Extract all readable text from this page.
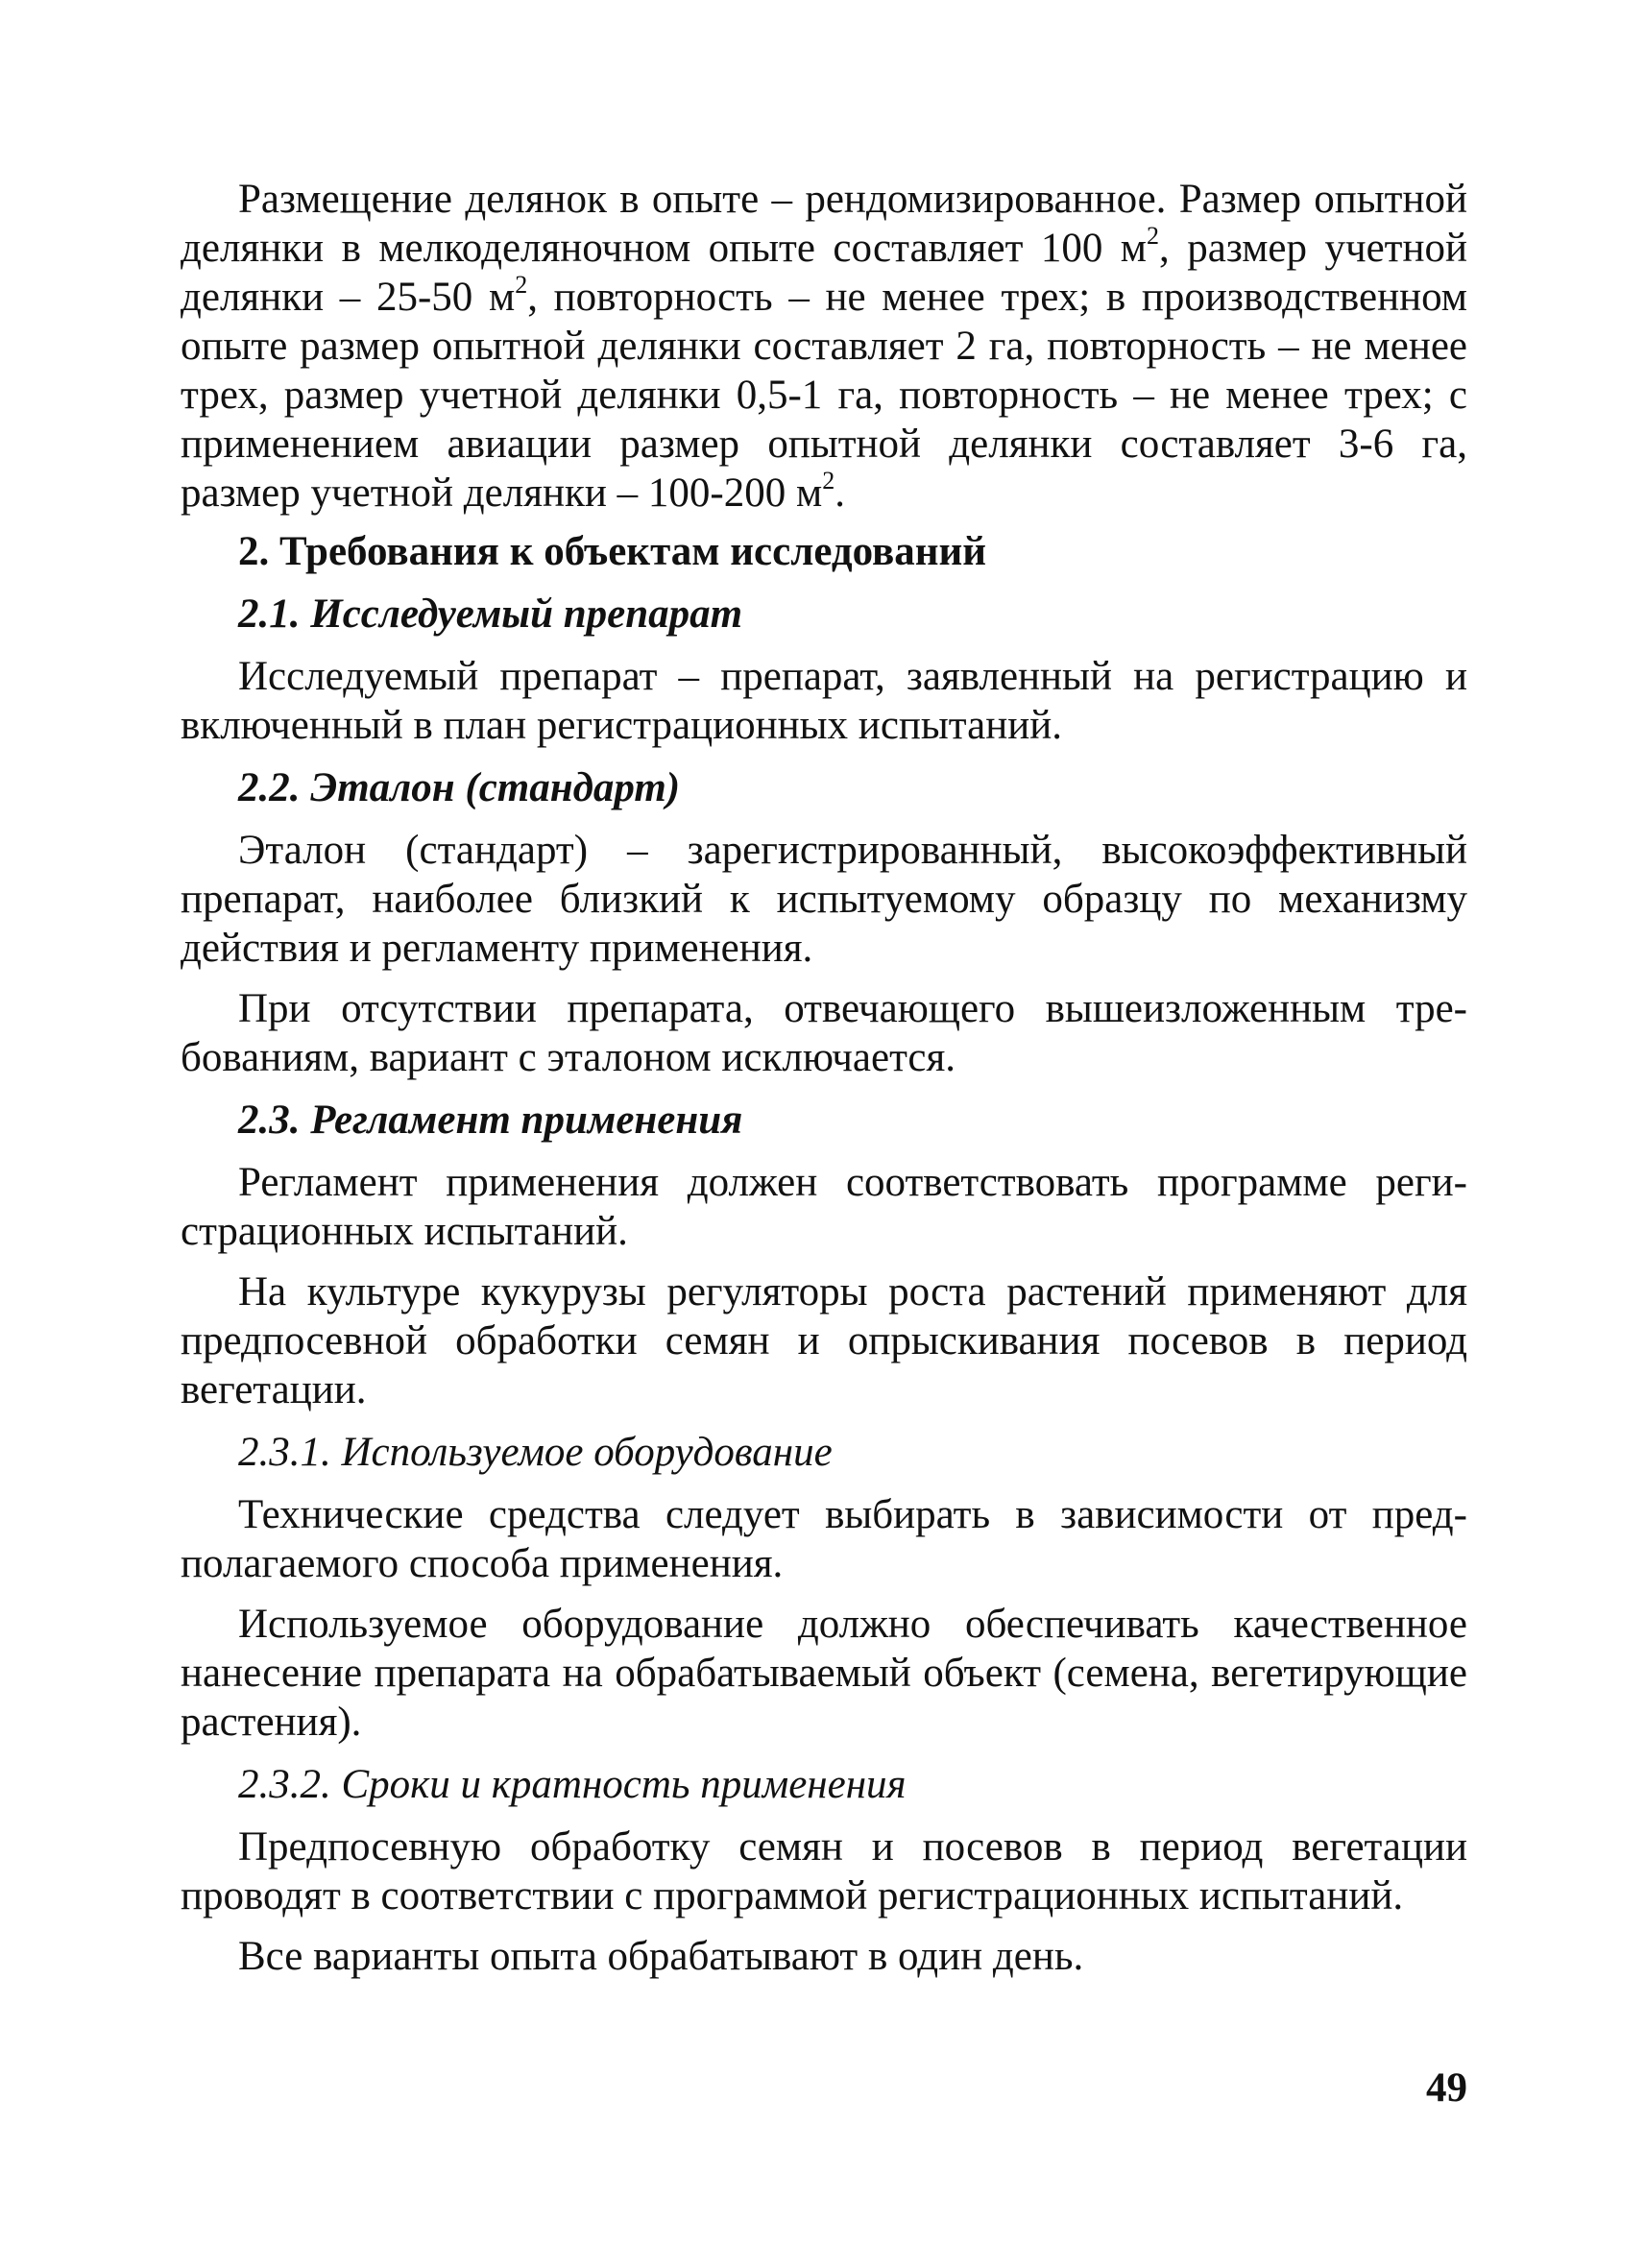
Размещение делянок в опыте – рендомизированное. Размер опытной делянки в мелкоделяночном опыте составляет 100 $м^2$, размер учетной делянки – 25-50 $м^2$, повторность – не менее трех; в производственном опыте размер опытной делянки составляет 2 га, повторность – не менее трех, размер учетной делянки 0,5-1 га, повторность – не менее трех; с применением авиации размер опытной делянки составляет 3-6 га, размер учетной делянки – 100-200 $м^2$.

2. Требования к объектам исследований

2.1. Исследуемый препарат

Исследуемый препарат – препарат, заявленный на регистрацию и включенный в план регистрационных испытаний.

2.2. Эталон (стандарт)

Эталон (стандарт) – зарегистрированный, высокоэффективный препарат, наиболее близкий к испытуемому образцу по механизму действия и регламенту применения.

При отсутствии препарата, отвечающего вышеизложенным требованиям, вариант с эталоном исключается.

2.3. Регламент применения

Регламент применения должен соответствовать программе регистрационных испытаний.

На культуре кукурузы регуляторы роста растений применяют для предпосевной обработки семян и опрыскивания посевов в период вегетации.

2.3.1. Используемое оборудование

Технические средства следует выбирать в зависимости от предполагаемого способа применения.

Используемое оборудование должно обеспечивать качественное нанесение препарата на обрабатываемый объект (семена, вегетирующие растения).

2.3.2. Сроки и кратность применения

Предпосевную обработку семян и посевов в период вегетации проводят в соответствии с программой регистрационных испытаний.

Все варианты опыта обрабатывают в один день.

49
